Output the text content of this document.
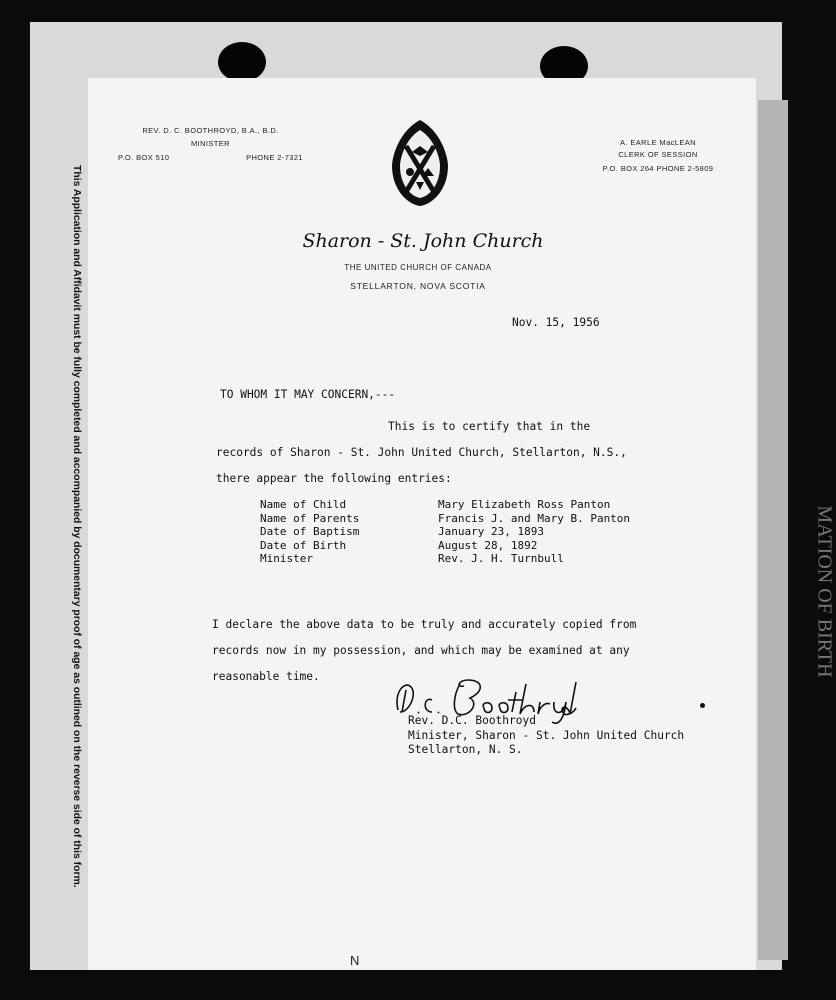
This Application and Affidavit must be fully completed and accompanied by documentary proof of age as outlined on the reverse side of this form.	MATION OF BIRTH
REV. D. C. BOOTHROYD, B.A., B.D.
MINISTER
P.O. BOX 510	PHONE 2-7321
A. EARLE MacLEAN
CLERK OF SESSION
P.O. BOX 264 PHONE 2-5809
Sharon - St. John Church
THE UNITED CHURCH OF CANADA
STELLARTON, NOVA SCOTIA
Nov. 15, 1956
TO WHOM IT MAY CONCERN,---
This is to certify that in the
records of Sharon - St. John United Church, Stellarton, N.S.,
there appear the following entries:
Name of Child	Mary Elizabeth Ross Panton
Name of Parents	Francis J. and Mary B. Panton
Date of Baptism	January 23, 1893
Date of Birth	August 28, 1892
Minister	Rev. J. H. Turnbull
I declare the above data to be truly and accurately copied from
records now in my possession, and which may be examined at any
reasonable time.
Rev. D.C. Boothroyd
Minister, Sharon - St. John United Church
Stellarton, N. S.
N
